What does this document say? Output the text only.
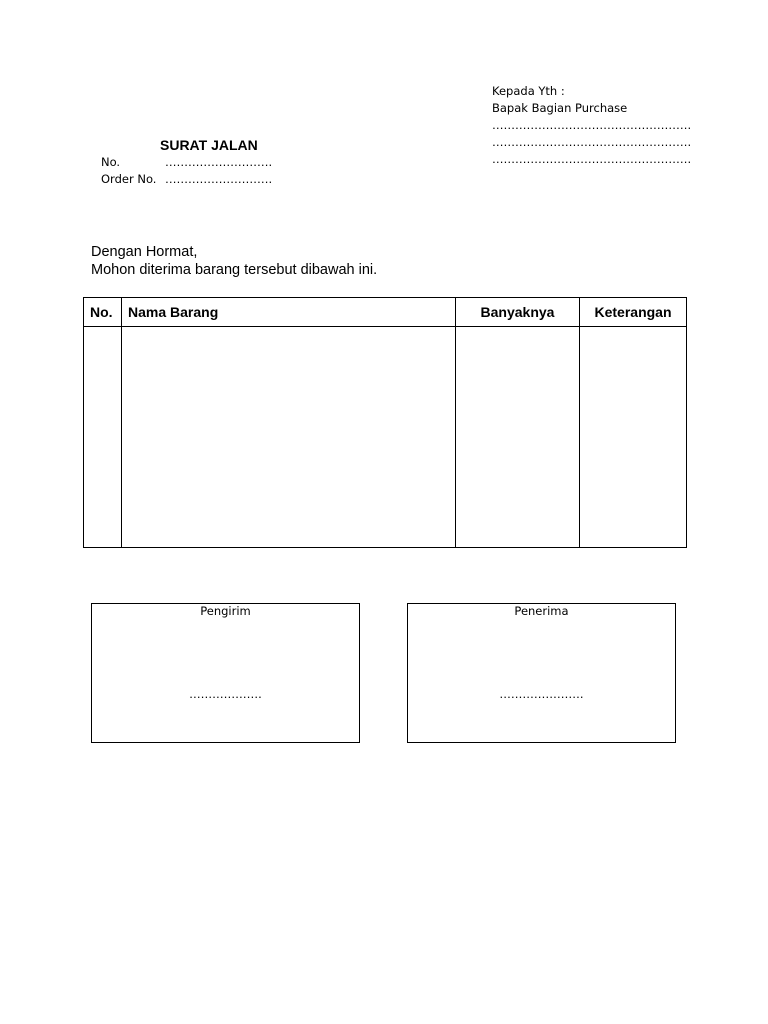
Kepada Yth :
Bapak Bagian Purchase
…………………………………………….
…………………………………………….
…………………………………………….
SURAT JALAN
No.	……………………….
Order No. ……………………….
Dengan Hormat,
Mohon diterima barang tersebut dibawah ini.
No.	Nama Barang	Banyaknya	Keterangan

Pengirim
……………….
Penerima
………………….
